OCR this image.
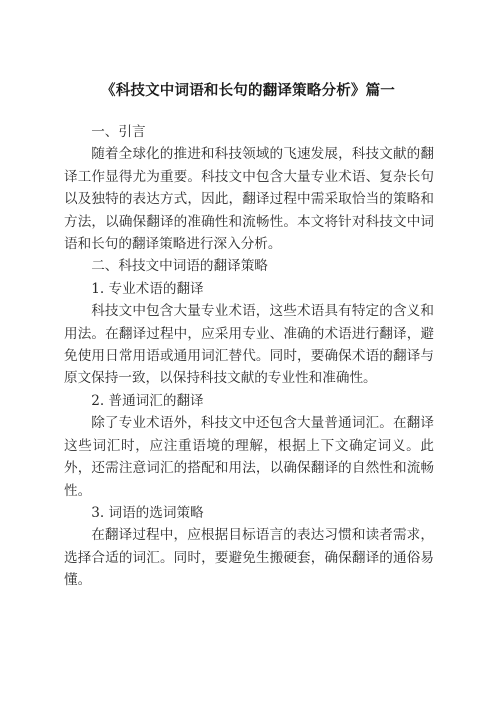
《科技文中词语和长句的翻译策略分析》篇一

一、引言

随着全球化的推进和科技领域的飞速发展，科技文献的翻译工作显得尤为重要。科技文中包含大量专业术语、复杂长句以及独特的表达方式，因此，翻译过程中需采取恰当的策略和方法，以确保翻译的准确性和流畅性。本文将针对科技文中词语和长句的翻译策略进行深入分析。

二、科技文中词语的翻译策略

1. 专业术语的翻译

科技文中包含大量专业术语，这些术语具有特定的含义和用法。在翻译过程中，应采用专业、准确的术语进行翻译，避免使用日常用语或通用词汇替代。同时，要确保术语的翻译与原文保持一致，以保持科技文献的专业性和准确性。

2. 普通词汇的翻译

除了专业术语外，科技文中还包含大量普通词汇。在翻译这些词汇时，应注重语境的理解，根据上下文确定词义。此外，还需注意词汇的搭配和用法，以确保翻译的自然性和流畅性。

3. 词语的选词策略

在翻译过程中，应根据目标语言的表达习惯和读者需求，选择合适的词汇。同时，要避免生搬硬套，确保翻译的通俗易懂。
